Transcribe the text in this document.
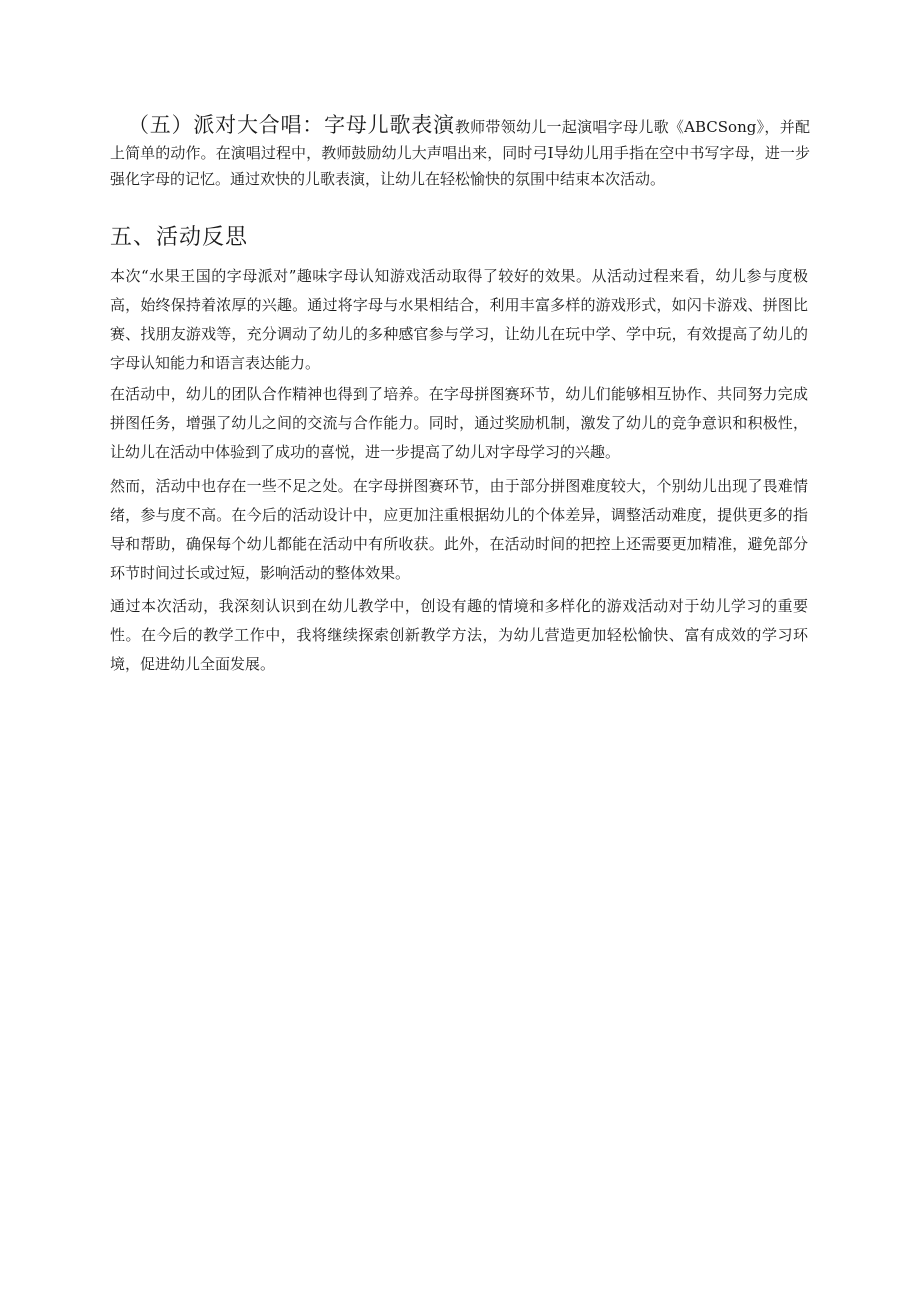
（五）派对大合唱：字母儿歌表演教师带领幼儿一起演唱字母儿歌《ABCSong》，并配上简单的动作。在演唱过程中，教师鼓励幼儿大声唱出来，同时弓I导幼儿用手指在空中书写字母，进一步强化字母的记忆。通过欢快的儿歌表演，让幼儿在轻松愉快的氛围中结束本次活动。
五、活动反思

本次“水果王国的字母派对”趣味字母认知游戏活动取得了较好的效果。从活动过程来看，幼儿参与度极高，始终保持着浓厚的兴趣。通过将字母与水果相结合，利用丰富多样的游戏形式，如闪卡游戏、拼图比赛、找朋友游戏等，充分调动了幼儿的多种感官参与学习，让幼儿在玩中学、学中玩，有效提高了幼儿的字母认知能力和语言表达能力。

在活动中，幼儿的团队合作精神也得到了培养。在字母拼图赛环节，幼儿们能够相互协作、共同努力完成拼图任务，增强了幼儿之间的交流与合作能力。同时，通过奖励机制，激发了幼儿的竞争意识和积极性，让幼儿在活动中体验到了成功的喜悦，进一步提高了幼儿对字母学习的兴趣。

然而，活动中也存在一些不足之处。在字母拼图赛环节，由于部分拼图难度较大，个别幼儿出现了畏难情绪，参与度不高。在今后的活动设计中，应更加注重根据幼儿的个体差异，调整活动难度，提供更多的指导和帮助，确保每个幼儿都能在活动中有所收获。此外，在活动时间的把控上还需要更加精准，避免部分环节时间过长或过短，影响活动的整体效果。

通过本次活动，我深刻认识到在幼儿教学中，创设有趣的情境和多样化的游戏活动对于幼儿学习的重要性。在今后的教学工作中，我将继续探索创新教学方法，为幼儿营造更加轻松愉快、富有成效的学习环境，促进幼儿全面发展。
